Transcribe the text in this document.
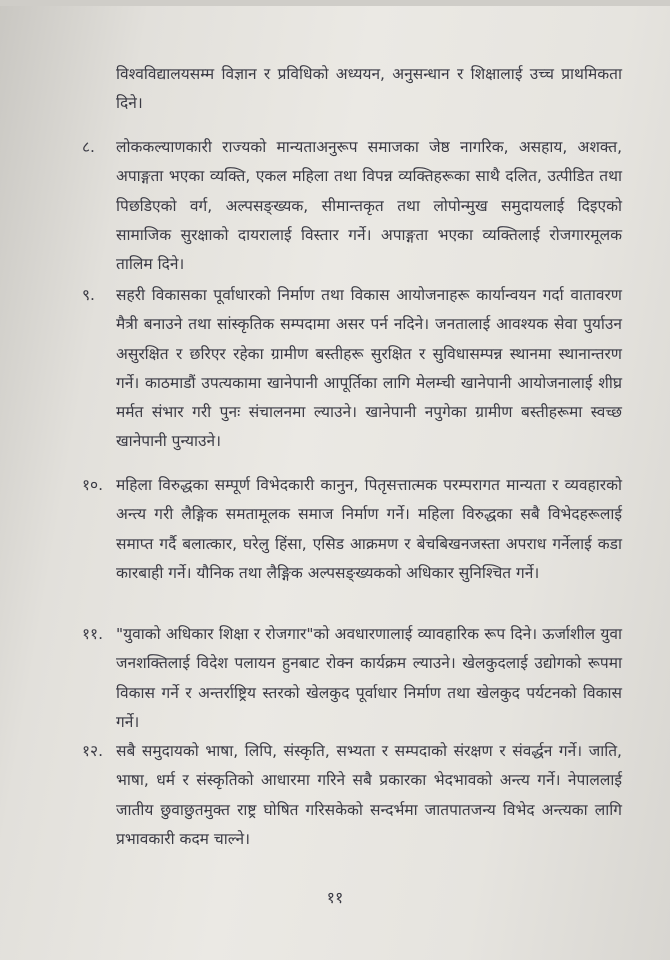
विश्वविद्यालयसम्म विज्ञान र प्रविधिको अध्ययन, अनुसन्धान र शिक्षालाई उच्च प्राथमिकता दिने।
८.	लोककल्याणकारी राज्यको मान्यताअनुरूप समाजका जेष्ठ नागरिक, असहाय, अशक्त, अपाङ्गता भएका व्यक्ति, एकल महिला तथा विपन्न व्यक्तिहरूका साथै दलित, उत्पीडित तथा पिछडिएको वर्ग, अल्पसङ्ख्यक, सीमान्तकृत तथा लोपोन्मुख समुदायलाई दिइएको सामाजिक सुरक्षाको दायरालाई विस्तार गर्ने। अपाङ्गता भएका व्यक्तिलाई रोजगारमूलक तालिम दिने।
९.	सहरी विकासका पूर्वाधारको निर्माण तथा विकास आयोजनाहरू कार्यान्वयन गर्दा वातावरण मैत्री बनाउने तथा सांस्कृतिक सम्पदामा असर पर्न नदिने। जनतालाई आवश्यक सेवा पुर्याउन असुरक्षित र छरिएर रहेका ग्रामीण बस्तीहरू सुरक्षित र सुविधासम्पन्न स्थानमा स्थानान्तरण गर्ने। काठमाडौं उपत्यकामा खानेपानी आपूर्तिका लागि मेलम्ची खानेपानी आयोजनालाई शीघ्र मर्मत संभार गरी पुनः संचालनमा ल्याउने। खानेपानी नपुगेका ग्रामीण बस्तीहरूमा स्वच्छ खानेपानी पुन्याउने।
१०. महिला विरुद्धका सम्पूर्ण विभेदकारी कानुन, पितृसत्तात्मक परम्परागत मान्यता र व्यवहारको अन्त्य गरी लैङ्गिक समतामूलक समाज निर्माण गर्ने। महिला विरुद्धका सबै विभेदहरूलाई समाप्त गर्दै बलात्कार, घरेलु हिंसा, एसिड आक्रमण र बेचबिखनजस्ता अपराध गर्नेलाई कडा कारबाही गर्ने। यौनिक तथा लैङ्गिक अल्पसङ्ख्यकको अधिकार सुनिश्चित गर्ने।
११. "युवाको अधिकार शिक्षा र रोजगार"को अवधारणालाई व्यावहारिक रूप दिने। ऊर्जाशील युवा जनशक्तिलाई विदेश पलायन हुनबाट रोक्न कार्यक्रम ल्याउने। खेलकुदलाई उद्योगको रूपमा विकास गर्ने र अन्तर्राष्ट्रिय स्तरको खेलकुद पूर्वाधार निर्माण तथा खेलकुद पर्यटनको विकास गर्ने।
१२. सबै समुदायको भाषा, लिपि, संस्कृति, सभ्यता र सम्पदाको संरक्षण र संवर्द्धन गर्ने। जाति, भाषा, धर्म र संस्कृतिको आधारमा गरिने सबै प्रकारका भेदभावको अन्त्य गर्ने। नेपाललाई जातीय छुवाछुतमुक्त राष्ट्र घोषित गरिसकेको सन्दर्भमा जातपातजन्य विभेद अन्त्यका लागि प्रभावकारी कदम चाल्ने।
११
